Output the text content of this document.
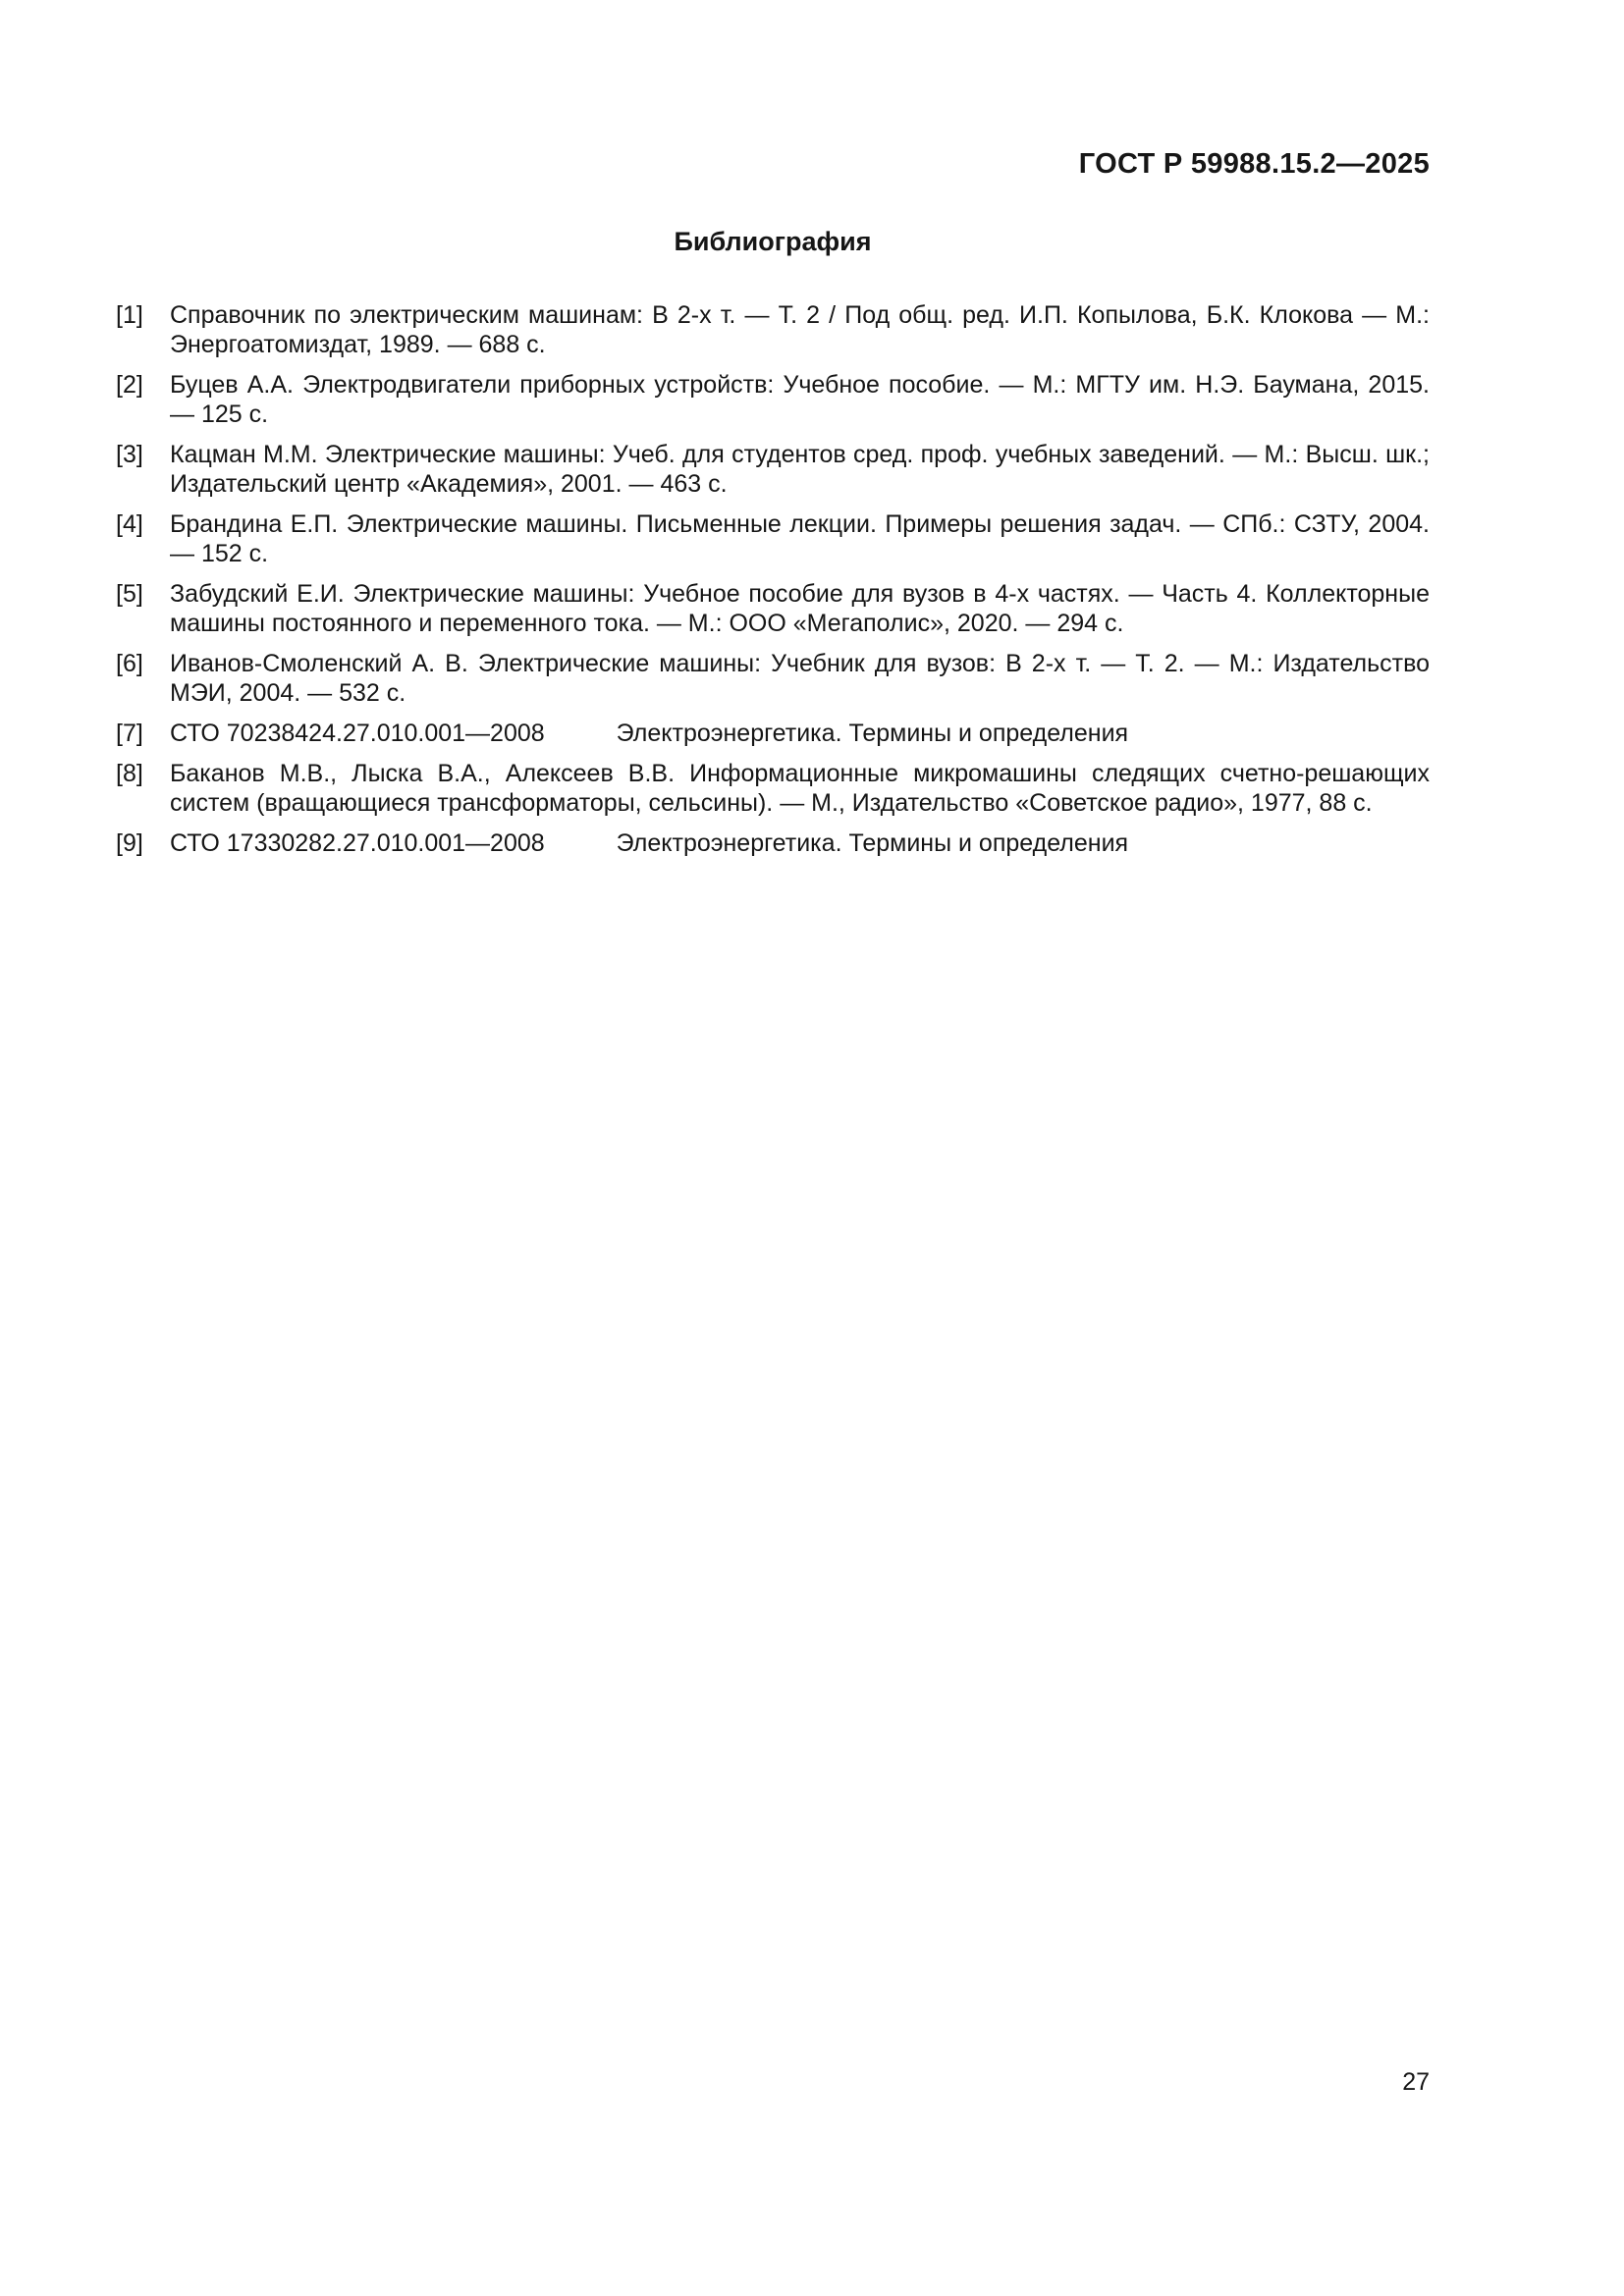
ГОСТ Р 59988.15.2—2025
Библиография
[1]	Справочник по электрическим машинам: В 2-х т. — Т. 2 / Под общ. ред. И.П. Копылова, Б.К. Клокова — М.: Энергоатомиздат, 1989. — 688 с.

[2]	Буцев А.А. Электродвигатели приборных устройств: Учебное пособие. — М.: МГТУ им. Н.Э. Баумана, 2015. — 125 с.

[3]	Кацман М.М. Электрические машины: Учеб. для студентов сред. проф. учебных заведений. — М.: Высш. шк.; Издательский центр «Академия», 2001. — 463 с.

[4]	Брандина Е.П. Электрические машины. Письменные лекции. Примеры решения задач. — СПб.: СЗТУ, 2004. — 152 с.

[5]	Забудский Е.И. Электрические машины: Учебное пособие для вузов в 4-х частях. — Часть 4. Коллекторные машины постоянного и переменного тока. — М.: ООО «Мегаполис», 2020. — 294 с.

[6]	Иванов-Смоленский А. В. Электрические машины: Учебник для вузов: В 2-х т. — Т. 2. — М.: Издательство МЭИ, 2004. — 532 с.

[7]	СТО 70238424.27.010.001—2008	Электроэнергетика. Термины и определения

[8]	Баканов М.В., Лыска В.А., Алексеев В.В. Информационные микромашины следящих счетно-решающих систем (вращающиеся трансформаторы, сельсины). — М., Издательство «Советское радио», 1977, 88 с.

[9]	СТО 17330282.27.010.001—2008	Электроэнергетика. Термины и определения

27
